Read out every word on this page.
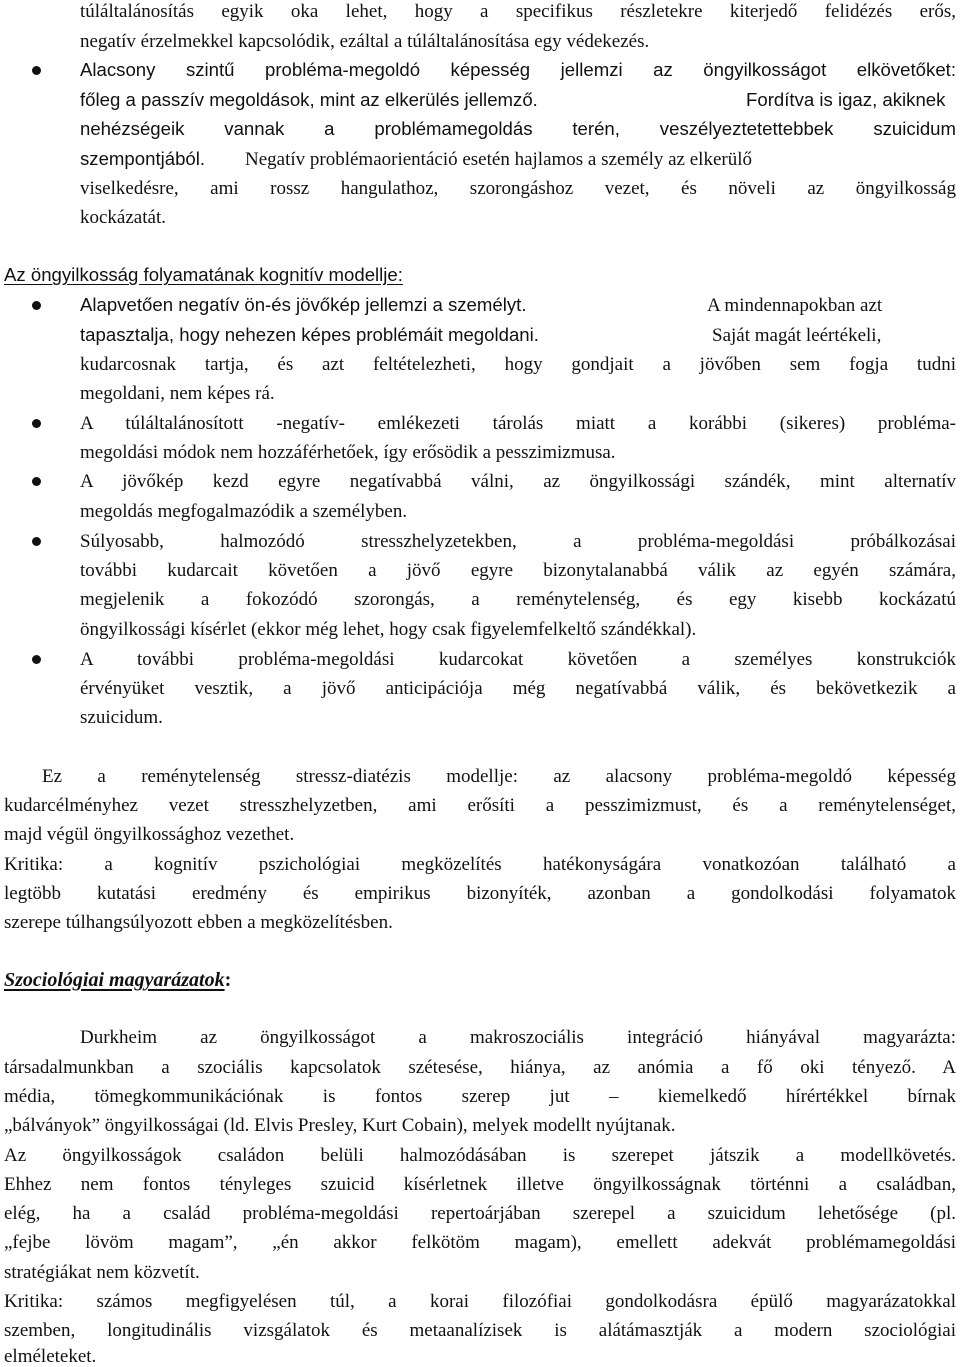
túláltalánosítás egyik oka lehet, hogy a specifikus részletekre kiterjedő felidézés erős,
negatív érzelmekkel kapcsolódik, ezáltal a túláltalánosítása egy védekezés.
Alacsony szintű probléma-megoldó képesség jellemzi az öngyilkosságot elkövetőket:
főleg a passzív megoldások, mint az elkerülés jellemző.	Fordítva is igaz, akiknek
nehézségeik vannak a problémamegoldás terén, veszélyeztetettebbek szuicidum
szempontjából. Negatív problémaorientáció esetén hajlamos a személy az elkerülő
viselkedésre, ami rossz hangulathoz, szorongáshoz vezet, és növeli az öngyilkosság
kockázatát.
Az öngyilkosság folyamatának kognitív modellje:
Alapvetően negatív ön-és jövőkép jellemzi a személyt.	A mindennapokban azt
tapasztalja, hogy nehezen képes problémáit megoldani.	Saját magát leértékeli,
kudarcosnak tartja, és azt feltételezheti, hogy gondjait a jövőben sem fogja tudni
megoldani, nem képes rá.
A túláltalánosított -negatív- emlékezeti tárolás miatt a korábbi (sikeres) probléma-
megoldási módok nem hozzáférhetőek, így erősödik a pesszimizmusa.
A jövőkép kezd egyre negatívabbá válni, az öngyilkossági szándék, mint alternatív
megoldás megfogalmazódik a személyben.
Súlyosabb, halmozódó stresszhelyzetekben, a probléma-megoldási próbálkozásai
további kudarcait követően a jövő egyre bizonytalanabbá válik az egyén számára,
megjelenik a fokozódó szorongás, a reménytelenség, és egy kisebb kockázatú
öngyilkossági kísérlet (ekkor még lehet, hogy csak figyelemfelkeltő szándékkal).
A további probléma-megoldási kudarcokat követően a személyes konstrukciók
érvényüket vesztik, a jövő anticipációja még negatívabbá válik, és bekövetkezik a
szuicidum.
Ez a reménytelenség stressz-diatézis modellje: az alacsony probléma-megoldó képesség
kudarcélményhez vezet stresszhelyzetben, ami erősíti a pesszimizmust, és a reménytelenséget,
majd végül öngyilkossághoz vezethet.
Kritika: a kognitív pszichológiai megközelítés hatékonyságára vonatkozóan található a
legtöbb kutatási eredmény és empirikus bizonyíték, azonban a gondolkodási folyamatok
szerepe túlhangsúlyozott ebben a megközelítésben.
Szociológiai magyarázatok:
Durkheim az öngyilkosságot a makroszociális integráció hiányával magyarázta:
társadalmunkban a szociális kapcsolatok szétesése, hiánya, az anómia a fő oki tényező. A
média, tömegkommunikációnak is fontos szerep jut – kiemelkedő hírértékkel bírnak
„bálványok” öngyilkosságai (ld. Elvis Presley, Kurt Cobain), melyek modellt nyújtanak.
Az öngyilkosságok családon belüli halmozódásában is szerepet játszik a modellkövetés.
Ehhez nem fontos tényleges szuicid kísérletnek illetve öngyilkosságnak történni a családban,
elég, ha a család probléma-megoldási repertoárjában szerepel a szuicidum lehetősége (pl.
„fejbe lövöm magam”, „én akkor felkötöm magam), emellett adekvát problémamegoldási
stratégiákat nem közvetít.
Kritika: számos megfigyelésen túl, a korai filozófiai gondolkodásra épülő magyarázatokkal
szemben, longitudinális vizsgálatok és metaanalízisek is alátámasztják a modern szociológiai
elméleteket.
